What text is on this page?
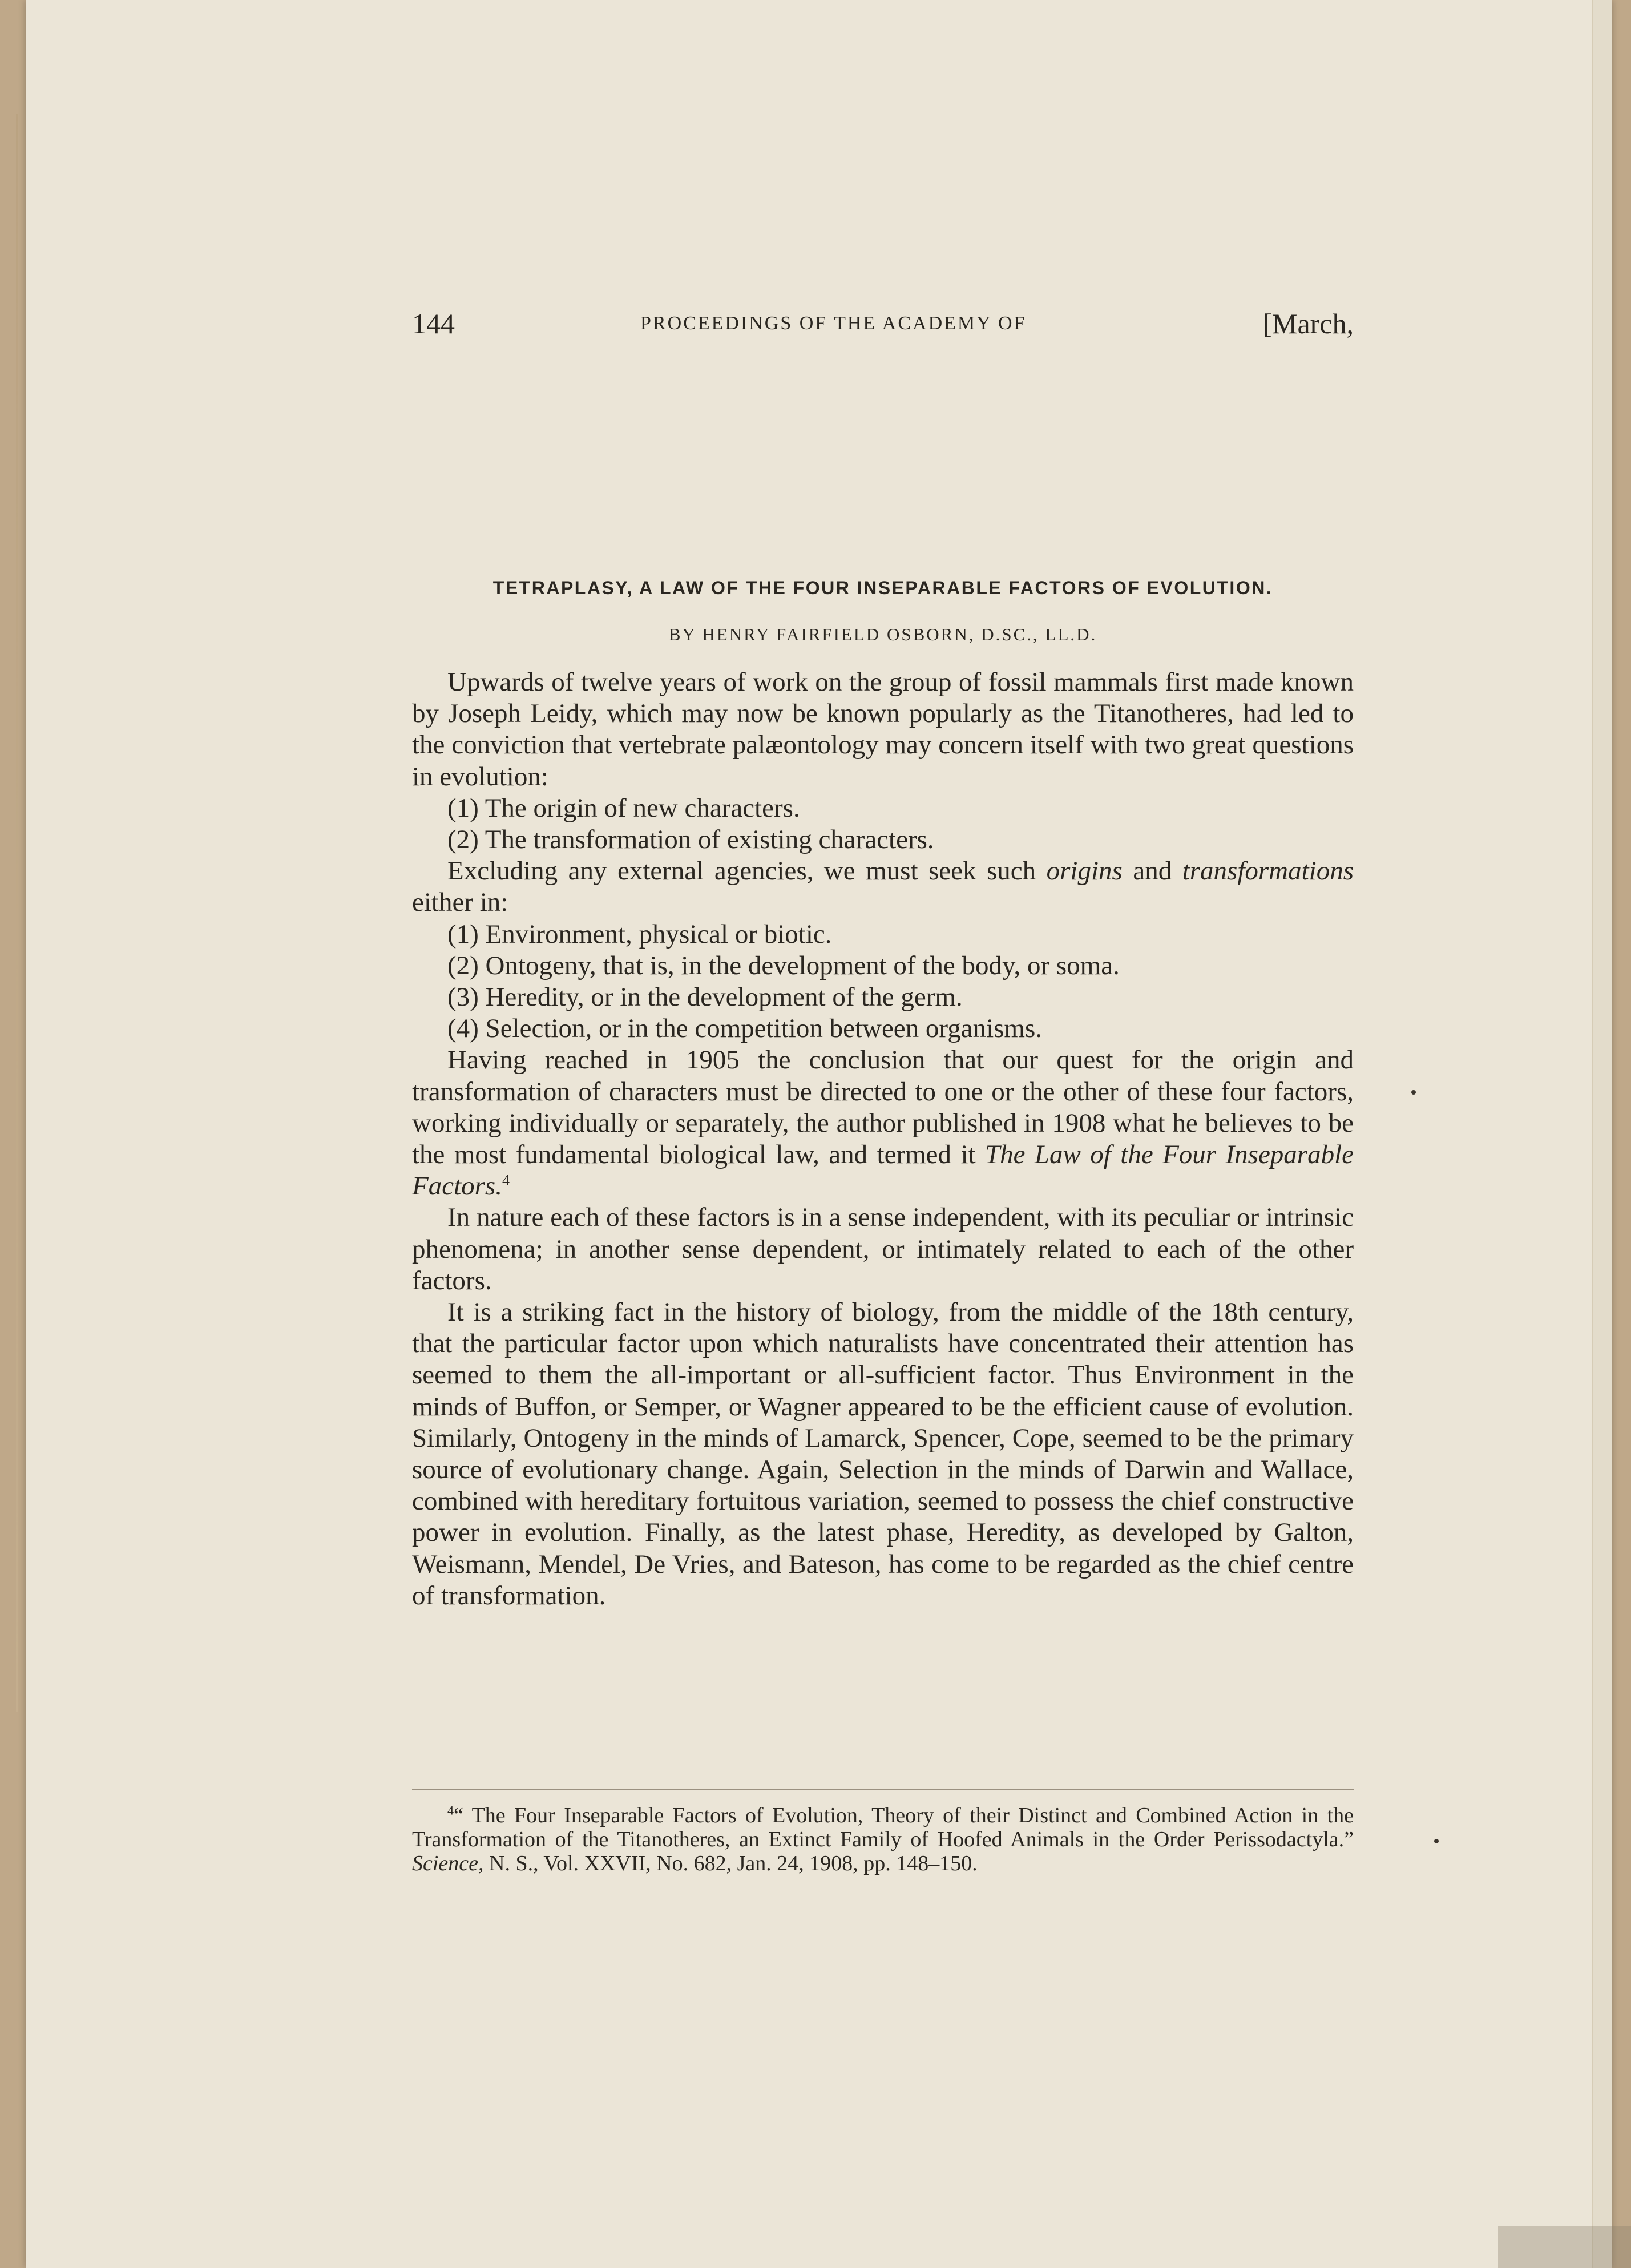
144	PROCEEDINGS OF THE ACADEMY OF	[March,
TETRAPLASY, A LAW OF THE FOUR INSEPARABLE FACTORS OF EVOLUTION.
BY HENRY FAIRFIELD OSBORN, D.SC., LL.D.

Upwards of twelve years of work on the group of fossil mammals first made known by Joseph Leidy, which may now be known popularly as the Titanotheres, had led to the conviction that vertebrate palæontology may concern itself with two great questions in evolution:

(1) The origin of new characters.

(2) The transformation of existing characters.

Excluding any external agencies, we must seek such origins and transformations either in:

(1) Environment, physical or biotic.

(2) Ontogeny, that is, in the development of the body, or soma.

(3) Heredity, or in the development of the germ.

(4) Selection, or in the competition between organisms.

Having reached in 1905 the conclusion that our quest for the origin and transformation of characters must be directed to one or the other of these four factors, working individually or separately, the author published in 1908 what he believes to be the most fundamental biological law, and termed it The Law of the Four Inseparable Factors.$^4$

In nature each of these factors is in a sense independent, with its peculiar or intrinsic phenomena; in another sense dependent, or intimately related to each of the other factors.

It is a striking fact in the history of biology, from the middle of the 18th century, that the particular factor upon which naturalists have concentrated their attention has seemed to them the all-important or all-sufficient factor. Thus Environment in the minds of Buffon, or Semper, or Wagner appeared to be the efficient cause of evolution. Similarly, Ontogeny in the minds of Lamarck, Spencer, Cope, seemed to be the primary source of evolutionary change. Again, Selection in the minds of Darwin and Wallace, combined with hereditary fortuitous variation, seemed to possess the chief constructive power in evolution. Finally, as the latest phase, Heredity, as developed by Galton, Weismann, Mendel, De Vries, and Bateson, has come to be regarded as the chief centre of transformation.

$^4$“ The Four Inseparable Factors of Evolution, Theory of their Distinct and Combined Action in the Transformation of the Titanotheres, an Extinct Family of Hoofed Animals in the Order Perissodactyla.” Science, N. S., Vol. XXVII, No. 682, Jan. 24, 1908, pp. 148–150.
